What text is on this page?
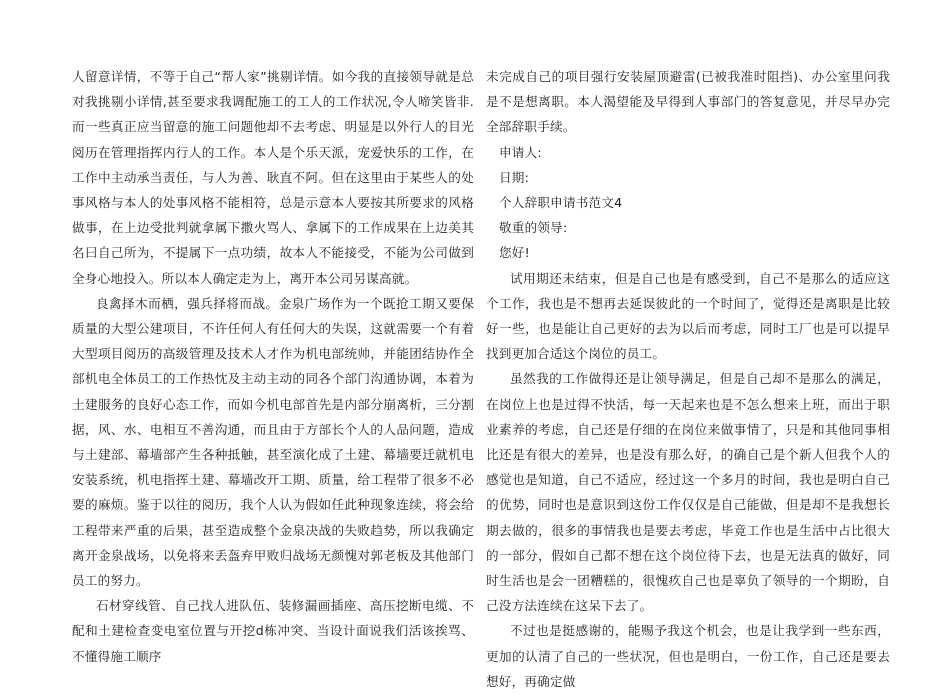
人留意详情，不等于自己“帮人家”挑剔详情。如今我的直接领导就是总对我挑剔小详情,甚至要求我调配施工的工人的工作状况,令人啼笑皆非.而一些真正应当留意的施工问题他却不去考虑、明显是以外行人的目光阅历在管理指挥内行人的工作。本人是个乐天派，宠爱快乐的工作，在工作中主动承当责任，与人为善、耿直不阿。但在这里由于某些人的处事风格与本人的处事风格不能相符，总是示意本人要按其所要求的风格做事，在上边受批判就拿属下撒火骂人、拿属下的工作成果在上边美其名曰自己所为，不提属下一点功绩，故本人不能接受，不能为公司做到全身心地投入。所以本人确定走为上，离开本公司另谋高就。

良禽择木而栖，强兵择将而战。金泉广场作为一个既抢工期又要保质量的大型公建项目，不许任何人有任何大的失误，这就需要一个有着大型项目阅历的高级管理及技术人才作为机电部统帅，并能团结协作全部机电全体员工的工作热忱及主动主动的同各个部门沟通协调，本着为土建服务的良好心态工作，而如今机电部首先是内部分崩离析，三分割据，风、水、电相互不善沟通，而且由于方部长个人的人品问题，造成与土建部、幕墙部产生各种抵触，甚至演化成了土建、幕墙要迁就机电安装系统，机电指挥土建、幕墙改开工期、质量，给工程带了很多不必要的麻烦。鉴于以往的阅历，我个人认为假如任此种现象连续，将会给工程带来严重的后果，甚至造成整个金泉决战的失败趋势，所以我确定离开金泉战场，以免将来丢盔弃甲败归战场无颜愧对郭老板及其他部门员工的努力。

石材穿线管、自己找人进队伍、装修漏画插座、高压挖断电缆、不配和土建检查变电室位置与开挖d栋冲突、当设计面说我们活该挨骂、不懂得施工顺序

未完成自己的项目强行安装屋顶避雷(已被我准时阻挡)、办公室里问我是不是想离职。本人渴望能及早得到人事部门的答复意见，并尽早办完全部辞职手续。

申请人:

日期:

个人辞职申请书范文4

敬重的领导:

您好!

试用期还未结束，但是自己也是有感受到，自己不是那么的适应这个工作，我也是不想再去延误彼此的一个时间了，觉得还是离职是比较好一些，也是能让自己更好的去为以后而考虑，同时工厂也是可以提早找到更加合适这个岗位的员工。

虽然我的工作做得还是让领导满足，但是自己却不是那么的满足，在岗位上也是过得不快活，每一天起来也是不怎么想来上班，而出于职业素养的考虑，自己还是仔细的在岗位来做事情了，只是和其他同事相比还是有很大的差异，也是没有那么好，的确自己是个新人但我个人的感觉也是知道，自己不适应，经过这一个多月的时间，我也是明白自己的优势，同时也是意识到这份工作仅仅是自己能做，但是却不是我想长期去做的，很多的事情我也是要去考虑，毕竟工作也是生活中占比很大的一部分，假如自己都不想在这个岗位待下去，也是无法真的做好，同时生活也是会一团糟糕的，很愧疚自己也是辜负了领导的一个期盼，自己没方法连续在这呆下去了。

不过也是挺感谢的，能赐予我这个机会，也是让我学到一些东西，更加的认清了自己的一些状况，但也是明白，一份工作，自己还是要去想好，再确定做
